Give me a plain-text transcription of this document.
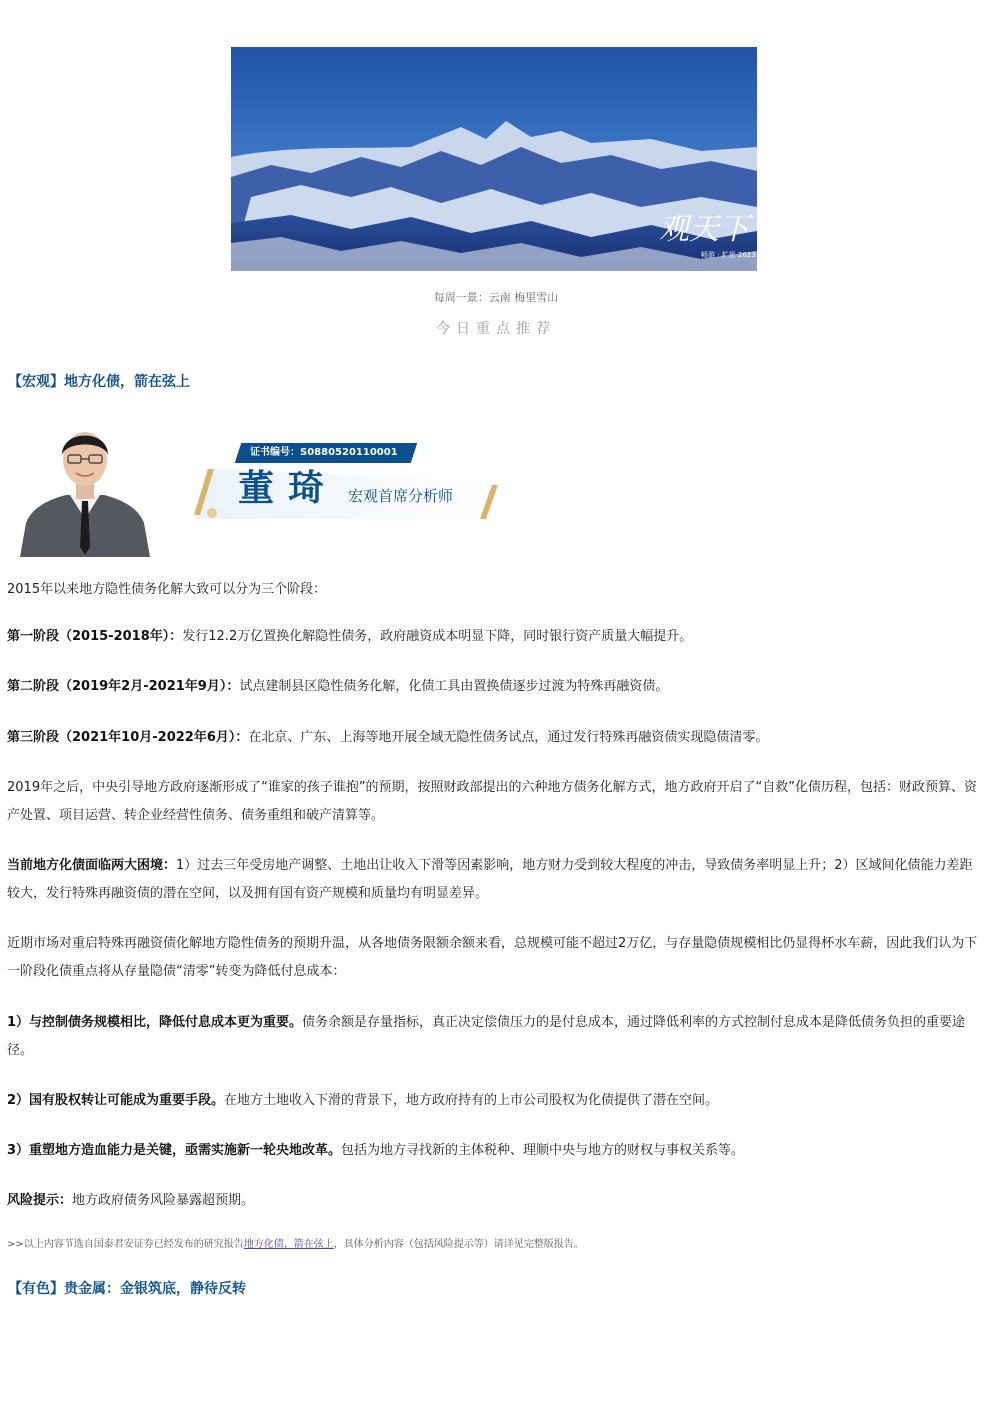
观天下
畅游 · 扩思 2023
每周一景：云南 梅里雪山
今日重点推荐
【宏观】地方化债，箭在弦上
证书编号：S0880520110001
董琦 宏观首席分析师
2015年以来地方隐性债务化解大致可以分为三个阶段：
第一阶段（2015-2018年）：发行12.2万亿置换化解隐性债务，政府融资成本明显下降，同时银行资产质量大幅提升。
第二阶段（2019年2月-2021年9月）：试点建制县区隐性债务化解，化债工具由置换债逐步过渡为特殊再融资债。
第三阶段（2021年10月-2022年6月）：在北京、广东、上海等地开展全域无隐性债务试点，通过发行特殊再融资债实现隐债清零。
2019年之后，中央引导地方政府逐渐形成了“谁家的孩子谁抱”的预期，按照财政部提出的六种地方债务化解方式，地方政府开启了“自救”化债历程，包括：财政预算、资产处置、项目运营、转企业经营性债务、债务重组和破产清算等。
当前地方化债面临两大困境：1）过去三年受房地产调整、土地出让收入下滑等因素影响，地方财力受到较大程度的冲击，导致债务率明显上升；2）区域间化债能力差距较大，发行特殊再融资债的潜在空间，以及拥有国有资产规模和质量均有明显差异。
近期市场对重启特殊再融资债化解地方隐性债务的预期升温，从各地债务限额余额来看，总规模可能不超过2万亿，与存量隐债规模相比仍显得杯水车薪，因此我们认为下一阶段化债重点将从存量隐债“清零”转变为降低付息成本：
1）与控制债务规模相比，降低付息成本更为重要。债务余额是存量指标，真正决定偿债压力的是付息成本，通过降低利率的方式控制付息成本是降低债务负担的重要途径。
2）国有股权转让可能成为重要手段。在地方土地收入下滑的背景下，地方政府持有的上市公司股权为化债提供了潜在空间。
3）重塑地方造血能力是关键，亟需实施新一轮央地改革。包括为地方寻找新的主体税种、理顺中央与地方的财权与事权关系等。
风险提示：地方政府债务风险暴露超预期。
>>以上内容节选自国泰君安证券已经发布的研究报告地方化债，箭在弦上，具体分析内容（包括风险提示等）请详见完整版报告。
【有色】贵金属：金银筑底，静待反转
